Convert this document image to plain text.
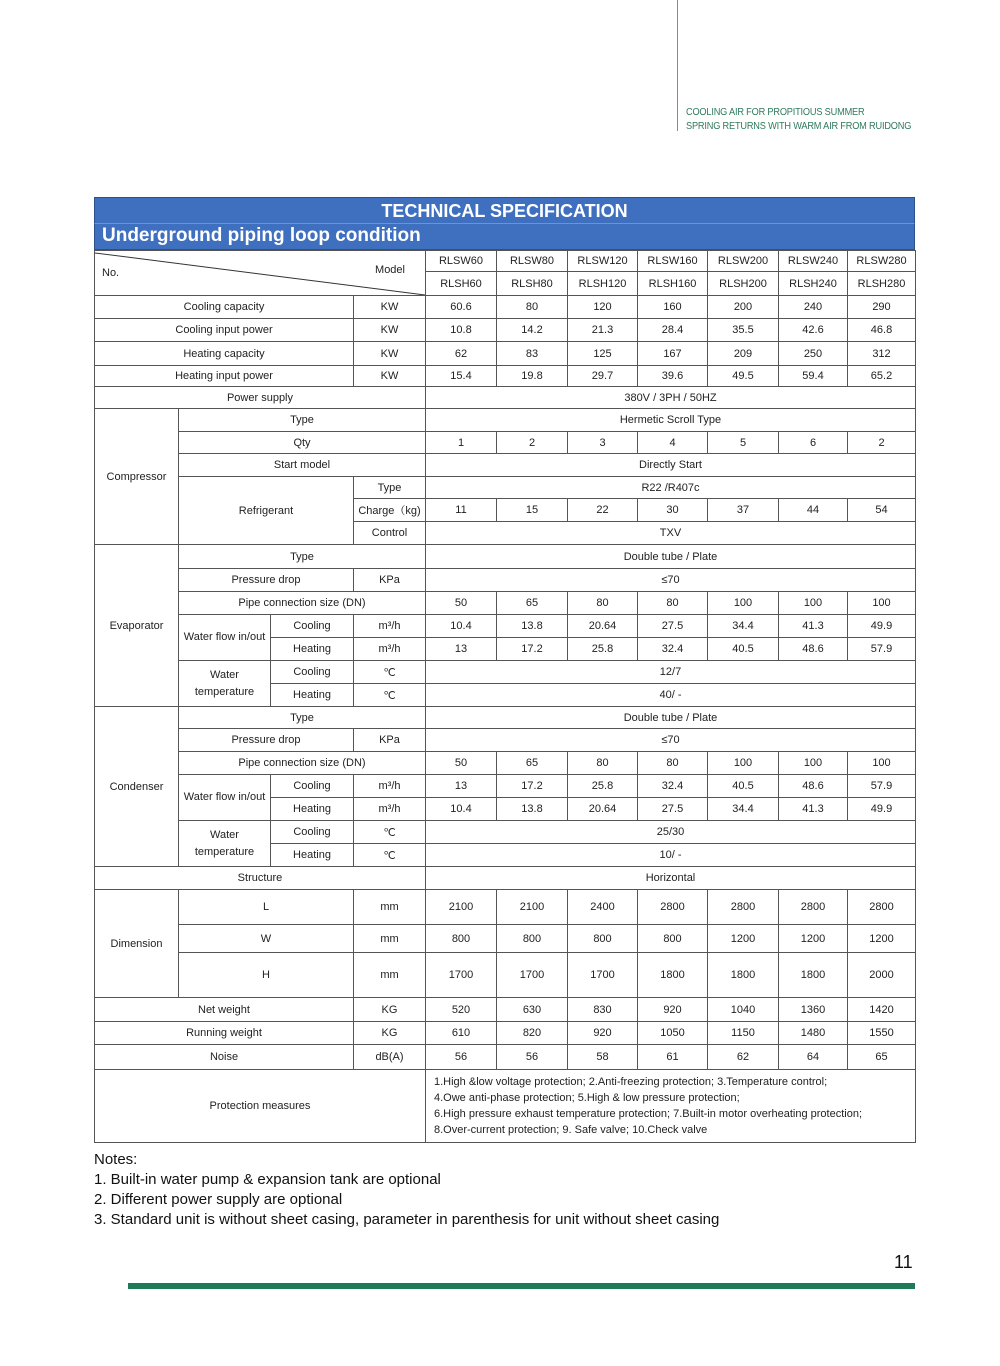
COOLING AIR FOR PROPITIOUS SUMMER
SPRING RETURNS WITH WARM AIR FROM RUIDONG
TECHNICAL SPECIFICATION
Underground piping loop condition
No. Model				RLSW60	RLSW80	RLSW120	RLSW160	RLSW200	RLSW240	RLSW280
				RLSH60	RLSH80	RLSH120	RLSH160	RLSH200	RLSH240	RLSH280
Cooling capacity			KW	60.6	80	120	160	200	240	290
Cooling input power			KW	10.8	14.2	21.3	28.4	35.5	42.6	46.8
Heating capacity			KW	62	83	125	167	209	250	312
Heating input power			KW	15.4	19.8	29.7	39.6	49.5	59.4	65.2
Power supply				380V / 3PH / 50HZ						
Compressor	Type			Hermetic Scroll Type						
	Qty			1	2	3	4	5	6	2
	Start model			Directly Start						
	Refrigerant		Type	R22 /R407c						
			Charge（kg)	11	15	22	30	37	44	54
			Control	TXV						
Evaporator	Type			Double tube / Plate						
	Pressure drop		KPa	≤70						
	Pipe connection size (DN)			50	65	80	80	100	100	100
	Water flow in/out	Cooling	m³/h	10.4	13.8	20.64	27.5	34.4	41.3	49.9
		Heating	m³/h	13	17.2	25.8	32.4	40.5	48.6	57.9
	Water temperature	Cooling	℃	12/7						
		Heating	℃	40/ -						
Condenser	Type			Double tube / Plate						
	Pressure drop		KPa	≤70						
	Pipe connection size (DN)			50	65	80	80	100	100	100
	Water flow in/out	Cooling	m³/h	13	17.2	25.8	32.4	40.5	48.6	57.9
		Heating	m³/h	10.4	13.8	20.64	27.5	34.4	41.3	49.9
	Water temperature	Cooling	℃	25/30						
		Heating	℃	10/ -						
Structure				Horizontal						
Dimension	L		mm	2100	2100	2400	2800	2800	2800	2800
	W		mm	800	800	800	800	1200	1200	1200
	H		mm	1700	1700	1700	1800	1800	1800	2000
Net weight			KG	520	630	830	920	1040	1360	1420
Running weight			KG	610	820	920	1050	1150	1480	1550
Noise			dB(A)	56	56	58	61	62	64	65
Protection measures				1.High &low voltage protection; 2.Anti-freezing protection; 3.Temperature control;
4.Owe anti-phase protection; 5.High & low pressure protection;
6.High pressure exhaust temperature protection; 7.Built-in motor overheating protection;
8.Over-current protection; 9. Safe valve; 10.Check valve						
Notes:
1. Built-in water pump & expansion tank are optional
2. Different power supply are optional
3. Standard unit is without sheet casing, parameter in parenthesis for unit without sheet casing
11
